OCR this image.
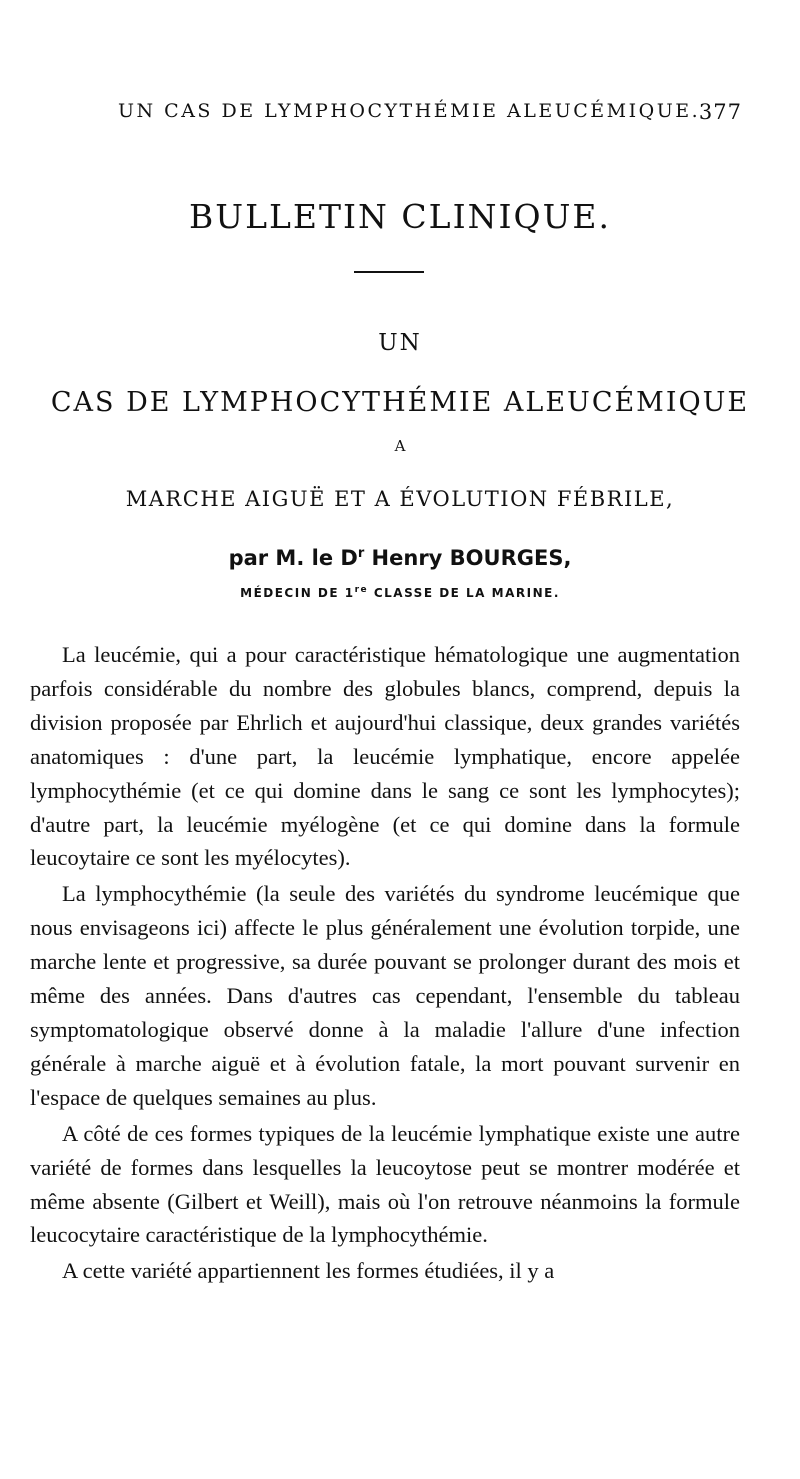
UN CAS DE LYMPHOCYTHÉMIE ALEUCÉMIQUE.
377
BULLETIN CLINIQUE.
UN
CAS DE LYMPHOCYTHÉMIE ALEUCÉMIQUE
A
MARCHE AIGUË ET A ÉVOLUTION FÉBRILE,
par M. le $D^r$ Henry BOURGES,
MÉDECIN DE 1re CLASSE DE LA MARINE.

La leucémie, qui a pour caractéristique hématologique une augmentation parfois considérable du nombre des globules blancs, comprend, depuis la division proposée par Ehrlich et aujourd'hui classique, deux grandes variétés anatomiques : d'une part, la leucémie lymphatique, encore appelée lymphocythémie (et ce qui domine dans le sang ce sont les lymphocytes); d'autre part, la leucémie myélogène (et ce qui domine dans la formule leucoytaire ce sont les myélocytes).

La lymphocythémie (la seule des variétés du syndrome leucémique que nous envisageons ici) affecte le plus généralement une évolution torpide, une marche lente et progressive, sa durée pouvant se prolonger durant des mois et même des années. Dans d'autres cas cependant, l'ensemble du tableau symptomatologique observé donne à la maladie l'allure d'une infection générale à marche aiguë et à évolution fatale, la mort pouvant survenir en l'espace de quelques semaines au plus.

A côté de ces formes typiques de la leucémie lymphatique existe une autre variété de formes dans lesquelles la leucoytose peut se montrer modérée et même absente (Gilbert et Weill), mais où l'on retrouve néanmoins la formule leucocytaire caractéristique de la lymphocythémie.

A cette variété appartiennent les formes étudiées, il y a
